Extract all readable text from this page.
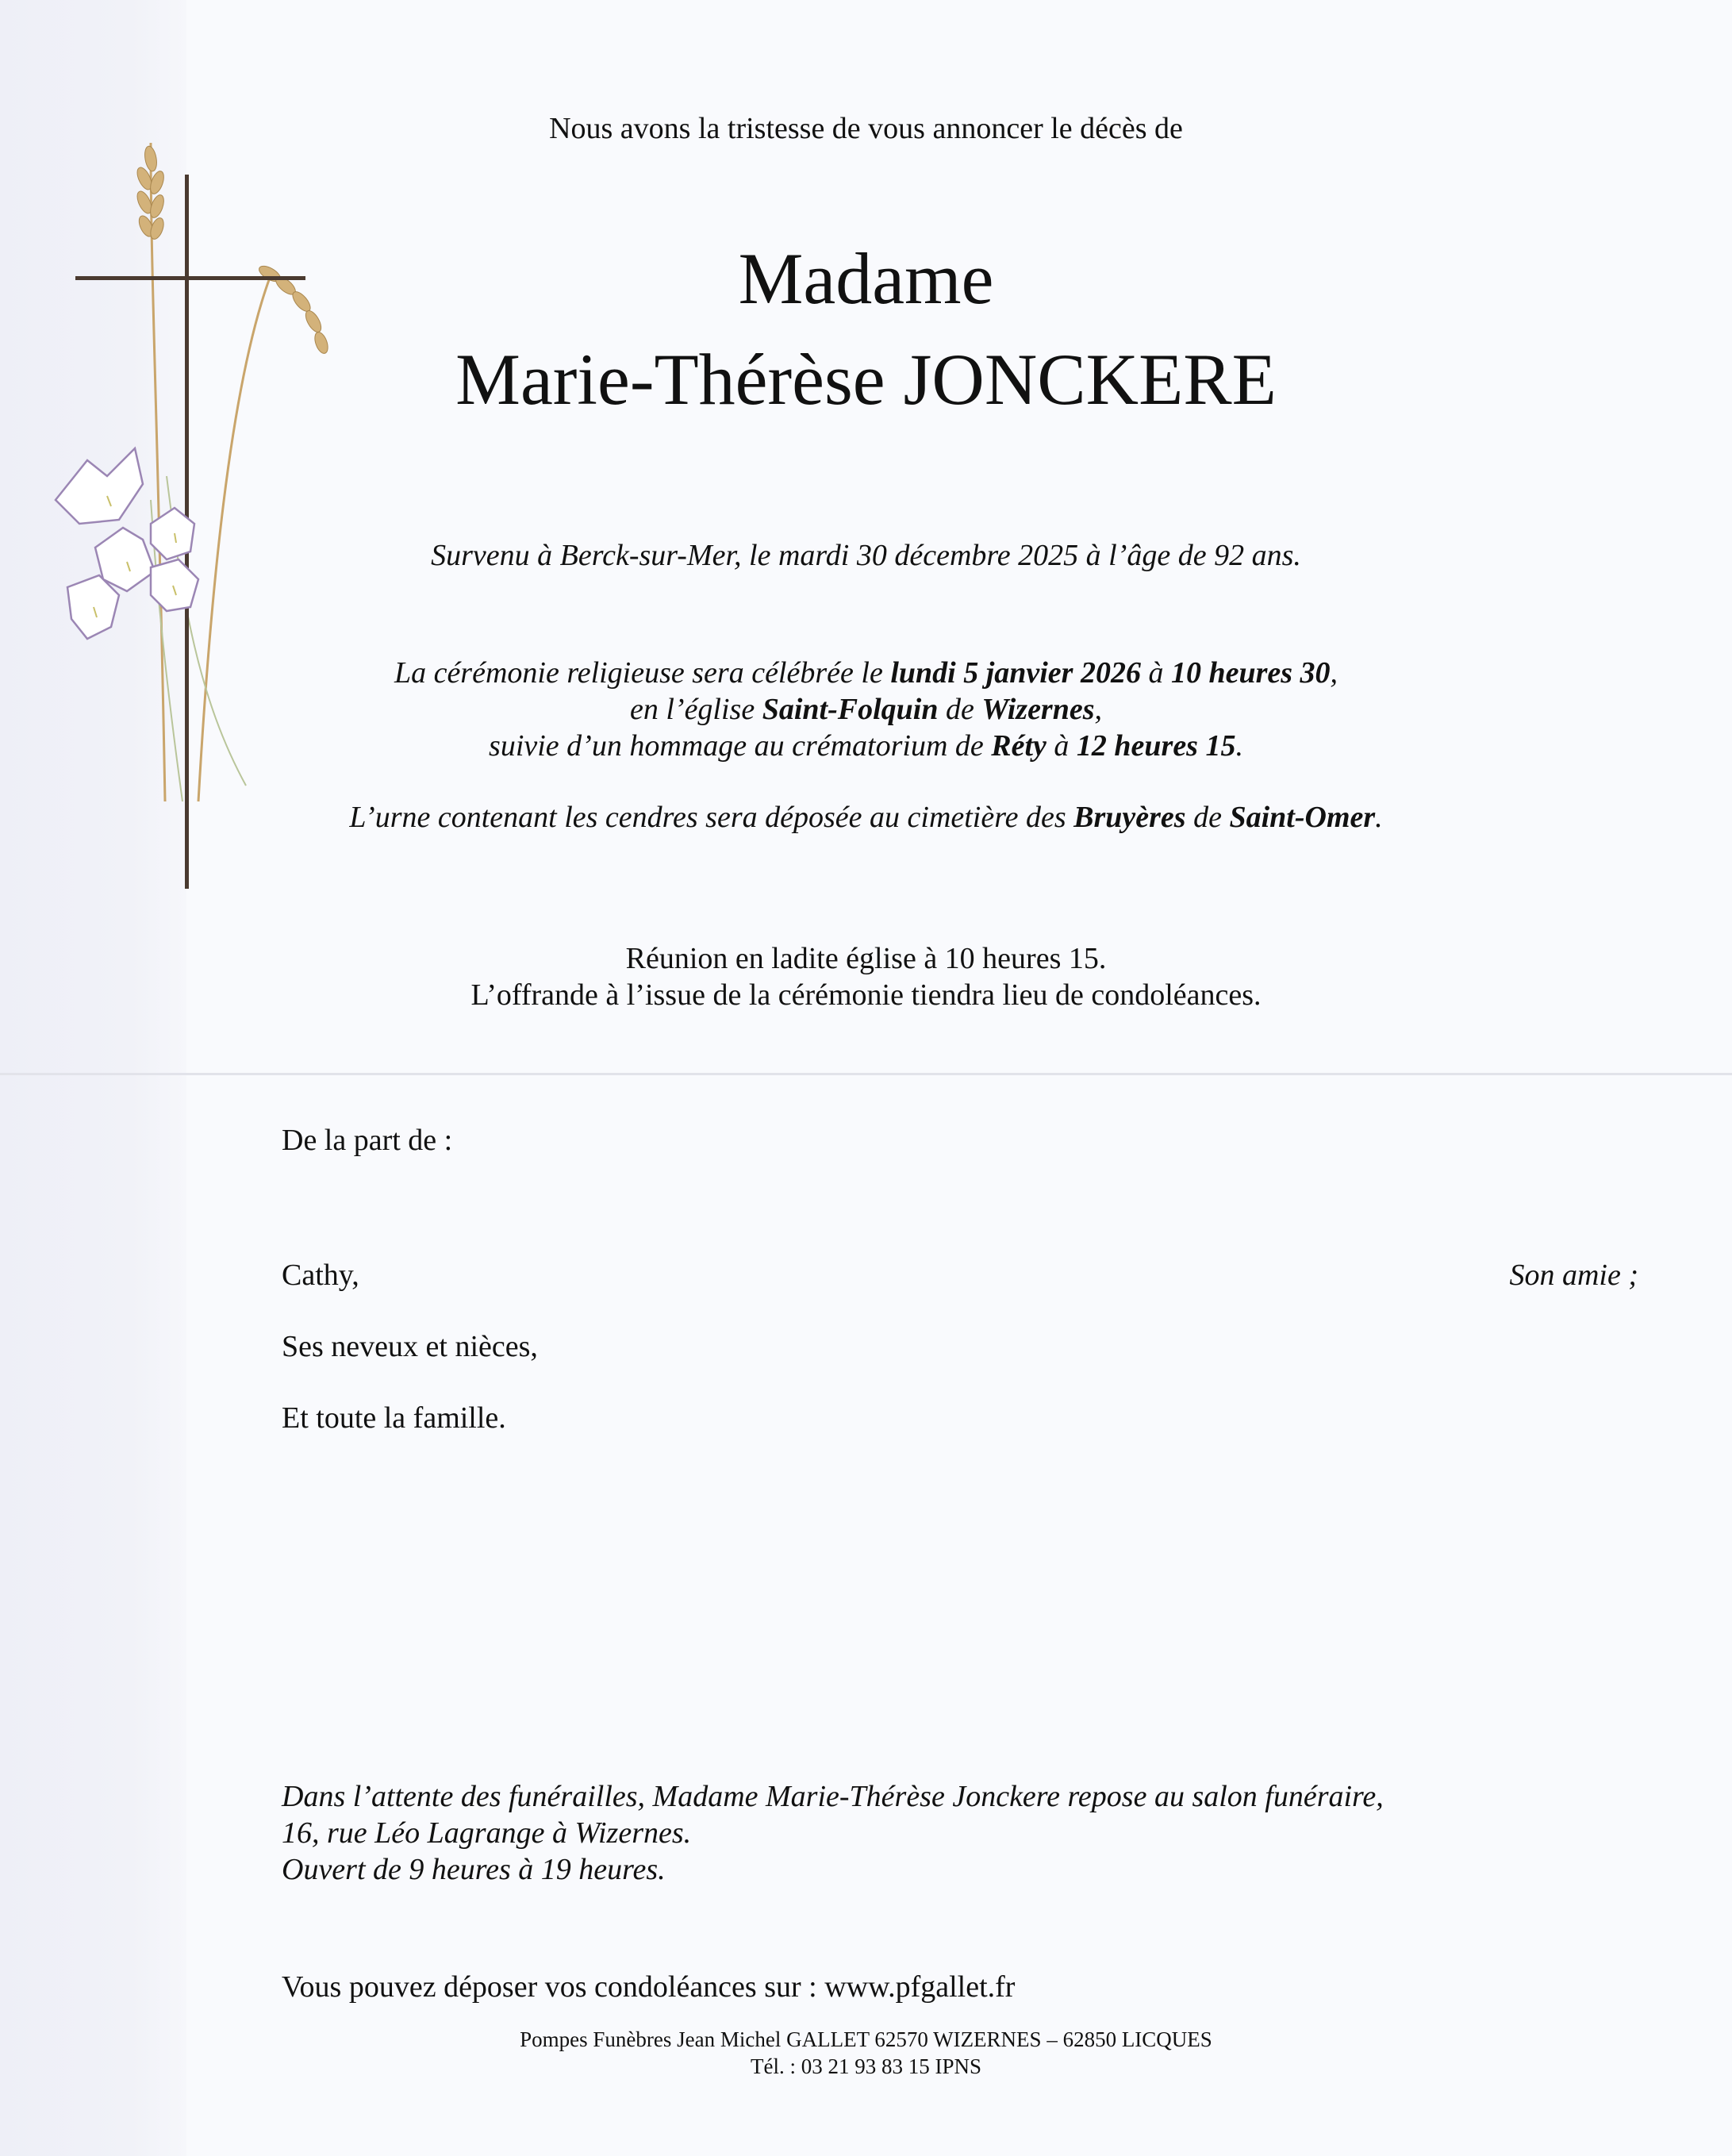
Nous avons la tristesse de vous annoncer le décès de
Madame
Marie-Thérèse JONCKERE
Survenu à Berck-sur-Mer, le mardi 30 décembre 2025 à l’âge de 92 ans.
La cérémonie religieuse sera célébrée le lundi 5 janvier 2026 à 10 heures 30,
en l’église Saint-Folquin de Wizernes,
suivie d’un hommage au crématorium de Réty à 12 heures 15.
L’urne contenant les cendres sera déposée au cimetière des Bruyères de Saint-Omer.
Réunion en ladite église à 10 heures 15.
L’offrande à l’issue de la cérémonie tiendra lieu de condoléances.
De la part de :
Cathy,	Son amie ;
Ses neveux et nièces,
Et toute la famille.
Dans l’attente des funérailles, Madame Marie-Thérèse Jonckere repose au salon funéraire,
16, rue Léo Lagrange à Wizernes.
Ouvert de 9 heures à 19 heures.
Vous pouvez déposer vos condoléances sur : www.pfgallet.fr
Pompes Funèbres Jean Michel GALLET 62570 WIZERNES – 62850 LICQUES
Tél. : 03 21 93 83 15 IPNS
